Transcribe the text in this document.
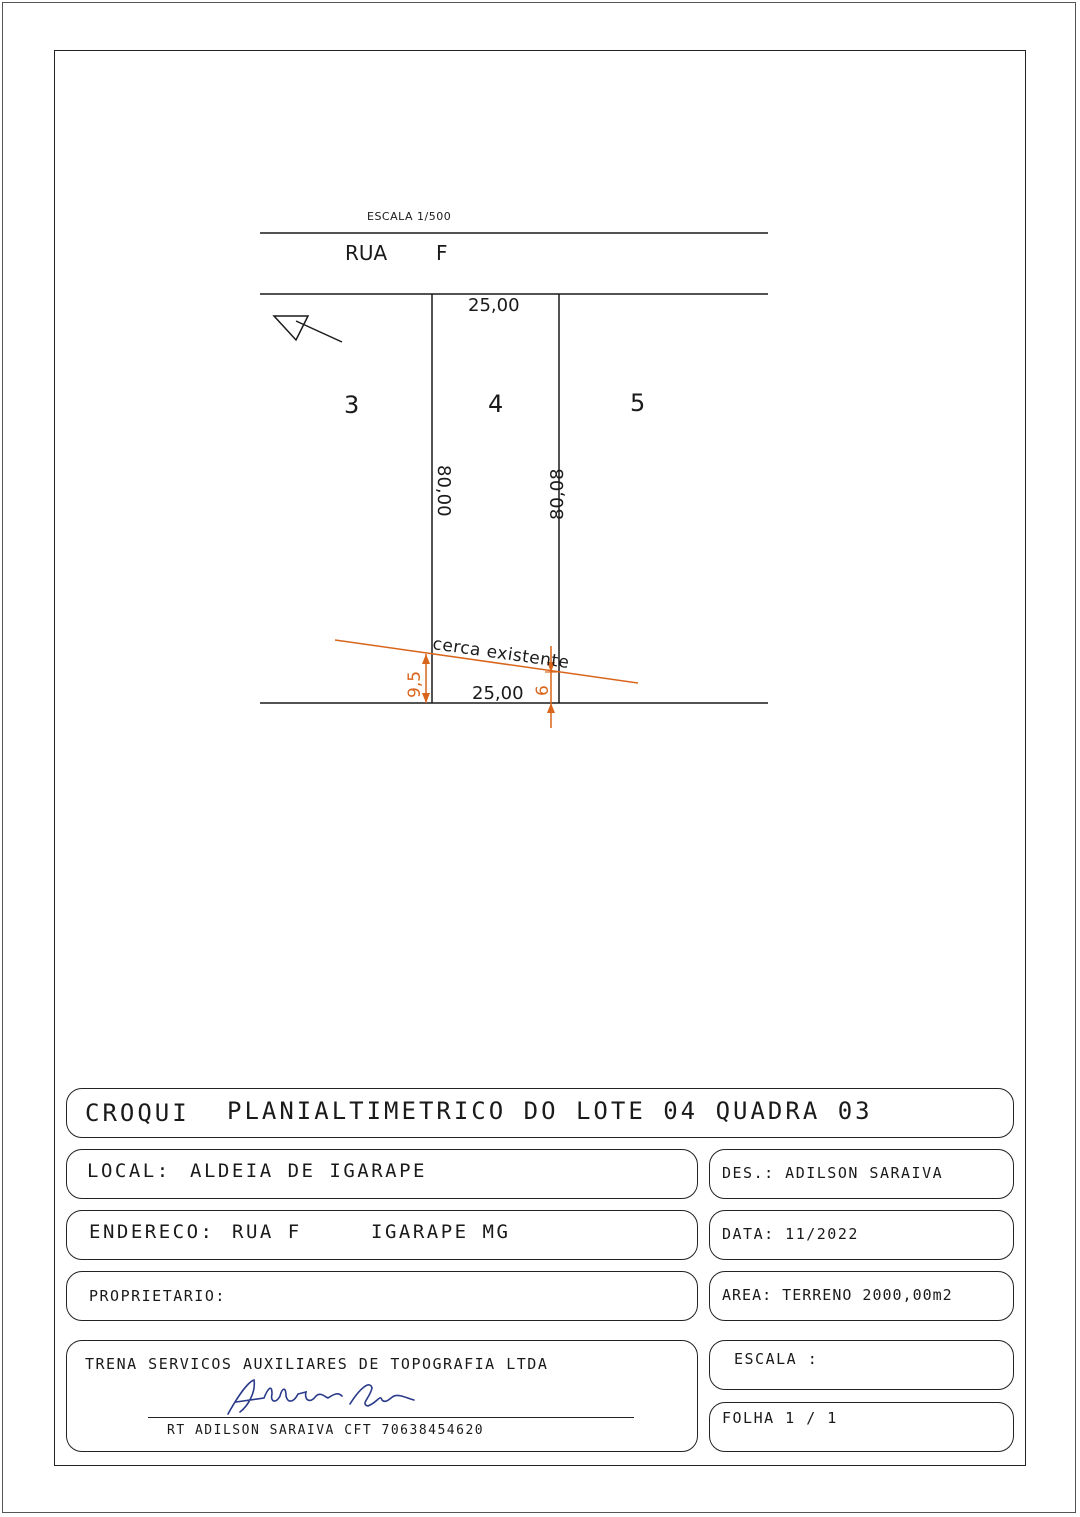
ESCALA 1/500
RUA F
25,00
3	4	5
80,00	80,08
cerca existente
9,5	6
25,00
CROQUI PLANIALTIMETRICO DO LOTE 04 QUADRA 03
LOCAL: ALDEIA DE IGARAPE	DES.: ADILSON SARAIVA
ENDERECO: RUA F	IGARAPE MG	DATA: 11/2022
PROPRIETARIO:	AREA: TERRENO 2000,00m2
TRENA SERVICOS AUXILIARES DE TOPOGRAFIA LTDA
RT ADILSON SARAIVA CFT 70638454620
ESCALA :
FOLHA 1 / 1
